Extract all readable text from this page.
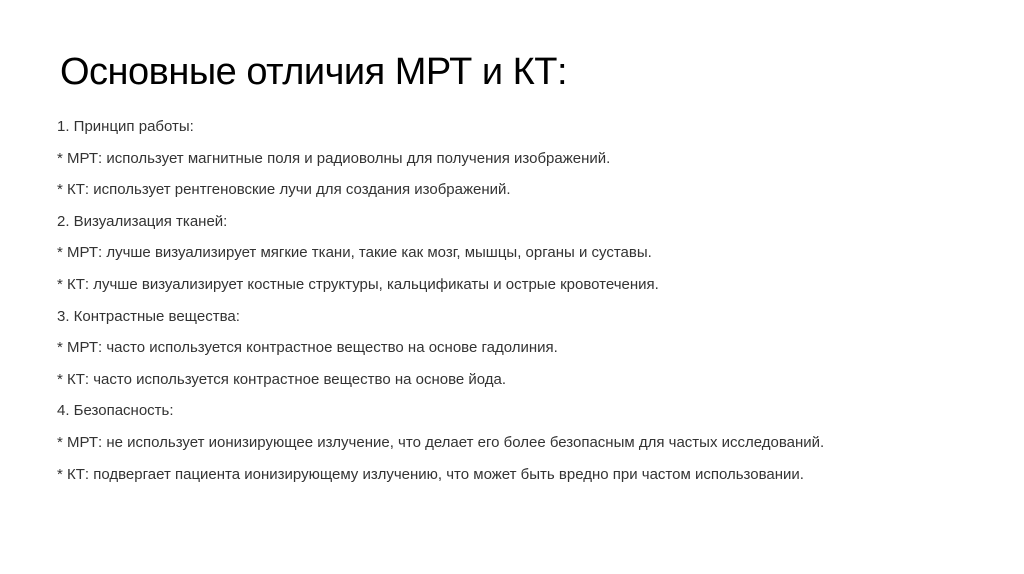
Основные отличия МРТ и КТ:
1. Принцип работы:
* МРТ: использует магнитные поля и радиоволны для получения изображений.
* КТ: использует рентгеновские лучи для создания изображений.
2. Визуализация тканей:
* МРТ: лучше визуализирует мягкие ткани, такие как мозг, мышцы, органы и суставы.
* КТ: лучше визуализирует костные структуры, кальцификаты и острые кровотечения.
3. Контрастные вещества:
* МРТ: часто используется контрастное вещество на основе гадолиния.
* КТ: часто используется контрастное вещество на основе йода.
4. Безопасность:
* МРТ: не использует ионизирующее излучение, что делает его более безопасным для частых исследований.
* КТ: подвергает пациента ионизирующему излучению, что может быть вредно при частом использовании.
